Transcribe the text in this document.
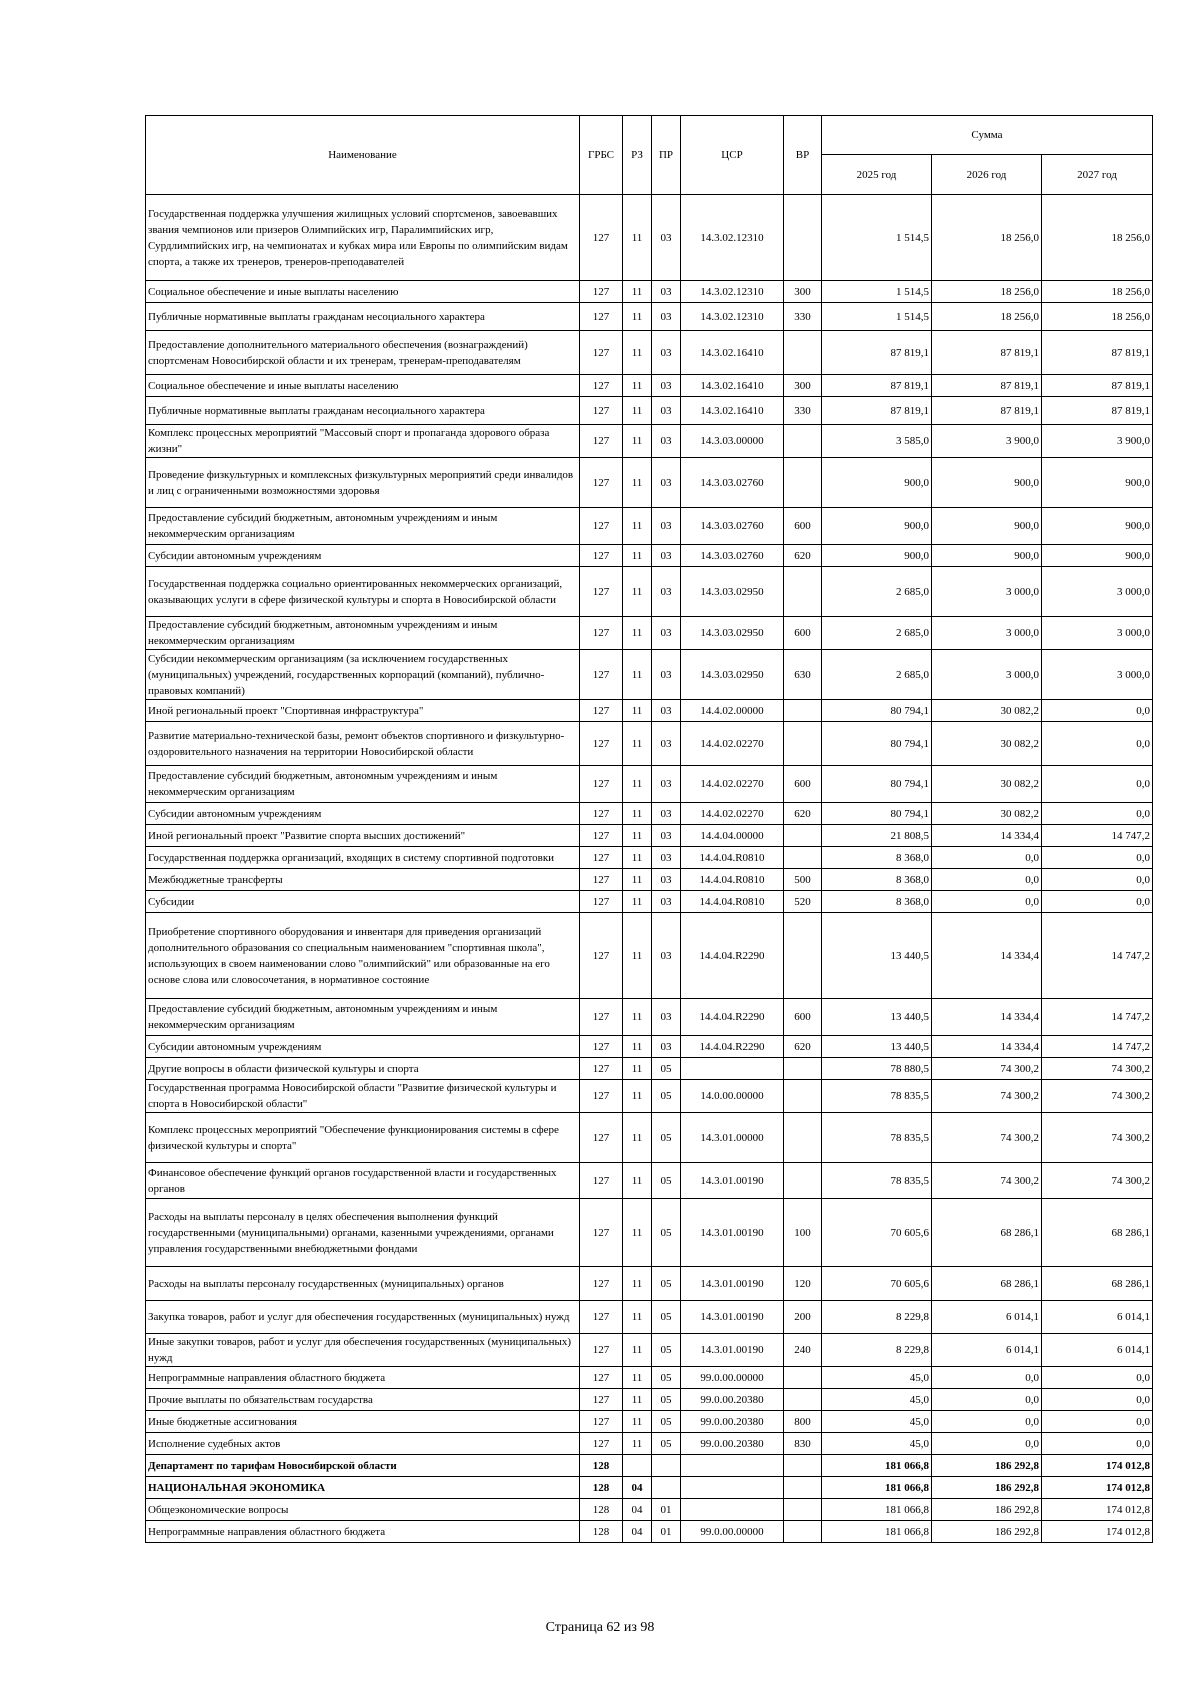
Наименование	ГРБС	РЗ	ПР	ЦСР	ВР	Сумма		
						2025 год	2026 год	2027 год
Государственная поддержка улучшения жилищных условий спортсменов, завоевавших звания чемпионов или призеров Олимпийских игр, Паралимпийских игр, Сурдлимпийских игр, на чемпионатах и кубках мира или Европы по олимпийским видам спорта, а также их тренеров, тренеров-преподавателей	127	11	03	14.3.02.12310		1 514,5	18 256,0	18 256,0
Социальное обеспечение и иные выплаты населению	127	11	03	14.3.02.12310	300	1 514,5	18 256,0	18 256,0
Публичные нормативные выплаты гражданам несоциального характера	127	11	03	14.3.02.12310	330	1 514,5	18 256,0	18 256,0
Предоставление дополнительного материального обеспечения (вознаграждений) спортсменам Новосибирской области и их тренерам, тренерам-преподавателям	127	11	03	14.3.02.16410		87 819,1	87 819,1	87 819,1
Социальное обеспечение и иные выплаты населению	127	11	03	14.3.02.16410	300	87 819,1	87 819,1	87 819,1
Публичные нормативные выплаты гражданам несоциального характера	127	11	03	14.3.02.16410	330	87 819,1	87 819,1	87 819,1
Комплекс процессных мероприятий "Массовый спорт и пропаганда здорового образа жизни"	127	11	03	14.3.03.00000		3 585,0	3 900,0	3 900,0
Проведение физкультурных и комплексных физкультурных мероприятий среди инвалидов и лиц с ограниченными возможностями здоровья	127	11	03	14.3.03.02760		900,0	900,0	900,0
Предоставление субсидий бюджетным, автономным учреждениям и иным некоммерческим организациям	127	11	03	14.3.03.02760	600	900,0	900,0	900,0
Субсидии автономным учреждениям	127	11	03	14.3.03.02760	620	900,0	900,0	900,0
Государственная поддержка социально ориентированных некоммерческих организаций, оказывающих услуги в сфере физической культуры и спорта в Новосибирской области	127	11	03	14.3.03.02950		2 685,0	3 000,0	3 000,0
Предоставление субсидий бюджетным, автономным учреждениям и иным некоммерческим организациям	127	11	03	14.3.03.02950	600	2 685,0	3 000,0	3 000,0
Субсидии некоммерческим организациям (за исключением государственных (муниципальных) учреждений, государственных корпораций (компаний), публично-правовых компаний)	127	11	03	14.3.03.02950	630	2 685,0	3 000,0	3 000,0
Иной региональный проект "Спортивная инфраструктура"	127	11	03	14.4.02.00000		80 794,1	30 082,2	0,0
Развитие материально-технической базы, ремонт объектов спортивного и физкультурно-оздоровительного назначения на территории Новосибирской области	127	11	03	14.4.02.02270		80 794,1	30 082,2	0,0
Предоставление субсидий бюджетным, автономным учреждениям и иным некоммерческим организациям	127	11	03	14.4.02.02270	600	80 794,1	30 082,2	0,0
Субсидии автономным учреждениям	127	11	03	14.4.02.02270	620	80 794,1	30 082,2	0,0
Иной региональный проект "Развитие спорта высших достижений"	127	11	03	14.4.04.00000		21 808,5	14 334,4	14 747,2
Государственная поддержка организаций, входящих в систему спортивной подготовки	127	11	03	14.4.04.R0810		8 368,0	0,0	0,0
Межбюджетные трансферты	127	11	03	14.4.04.R0810	500	8 368,0	0,0	0,0
Субсидии	127	11	03	14.4.04.R0810	520	8 368,0	0,0	0,0
Приобретение спортивного оборудования и инвентаря для приведения организаций дополнительного образования со специальным наименованием "спортивная школа", использующих в своем наименовании слово "олимпийский" или образованные на его основе слова или словосочетания, в нормативное состояние	127	11	03	14.4.04.R2290		13 440,5	14 334,4	14 747,2
Предоставление субсидий бюджетным, автономным учреждениям и иным некоммерческим организациям	127	11	03	14.4.04.R2290	600	13 440,5	14 334,4	14 747,2
Субсидии автономным учреждениям	127	11	03	14.4.04.R2290	620	13 440,5	14 334,4	14 747,2
Другие вопросы в области физической культуры и спорта	127	11	05			78 880,5	74 300,2	74 300,2
Государственная программа Новосибирской области "Развитие физической культуры и спорта в Новосибирской области"	127	11	05	14.0.00.00000		78 835,5	74 300,2	74 300,2
Комплекс процессных мероприятий "Обеспечение функционирования системы в сфере физической культуры и спорта"	127	11	05	14.3.01.00000		78 835,5	74 300,2	74 300,2
Финансовое обеспечение функций органов государственной власти и государственных органов	127	11	05	14.3.01.00190		78 835,5	74 300,2	74 300,2
Расходы на выплаты персоналу в целях обеспечения выполнения функций государственными (муниципальными) органами, казенными учреждениями, органами управления государственными внебюджетными фондами	127	11	05	14.3.01.00190	100	70 605,6	68 286,1	68 286,1
Расходы на выплаты персоналу государственных (муниципальных) органов	127	11	05	14.3.01.00190	120	70 605,6	68 286,1	68 286,1
Закупка товаров, работ и услуг для обеспечения государственных (муниципальных) нужд	127	11	05	14.3.01.00190	200	8 229,8	6 014,1	6 014,1
Иные закупки товаров, работ и услуг для обеспечения государственных (муниципальных) нужд	127	11	05	14.3.01.00190	240	8 229,8	6 014,1	6 014,1
Непрограммные направления областного бюджета	127	11	05	99.0.00.00000		45,0	0,0	0,0
Прочие выплаты по обязательствам государства	127	11	05	99.0.00.20380		45,0	0,0	0,0
Иные бюджетные ассигнования	127	11	05	99.0.00.20380	800	45,0	0,0	0,0
Исполнение судебных актов	127	11	05	99.0.00.20380	830	45,0	0,0	0,0
Департамент по тарифам Новосибирской области	128					181 066,8	186 292,8	174 012,8
НАЦИОНАЛЬНАЯ ЭКОНОМИКА	128	04				181 066,8	186 292,8	174 012,8
Общеэкономические вопросы	128	04	01			181 066,8	186 292,8	174 012,8
Непрограммные направления областного бюджета	128	04	01	99.0.00.00000		181 066,8	186 292,8	174 012,8
Страница 62 из 98
